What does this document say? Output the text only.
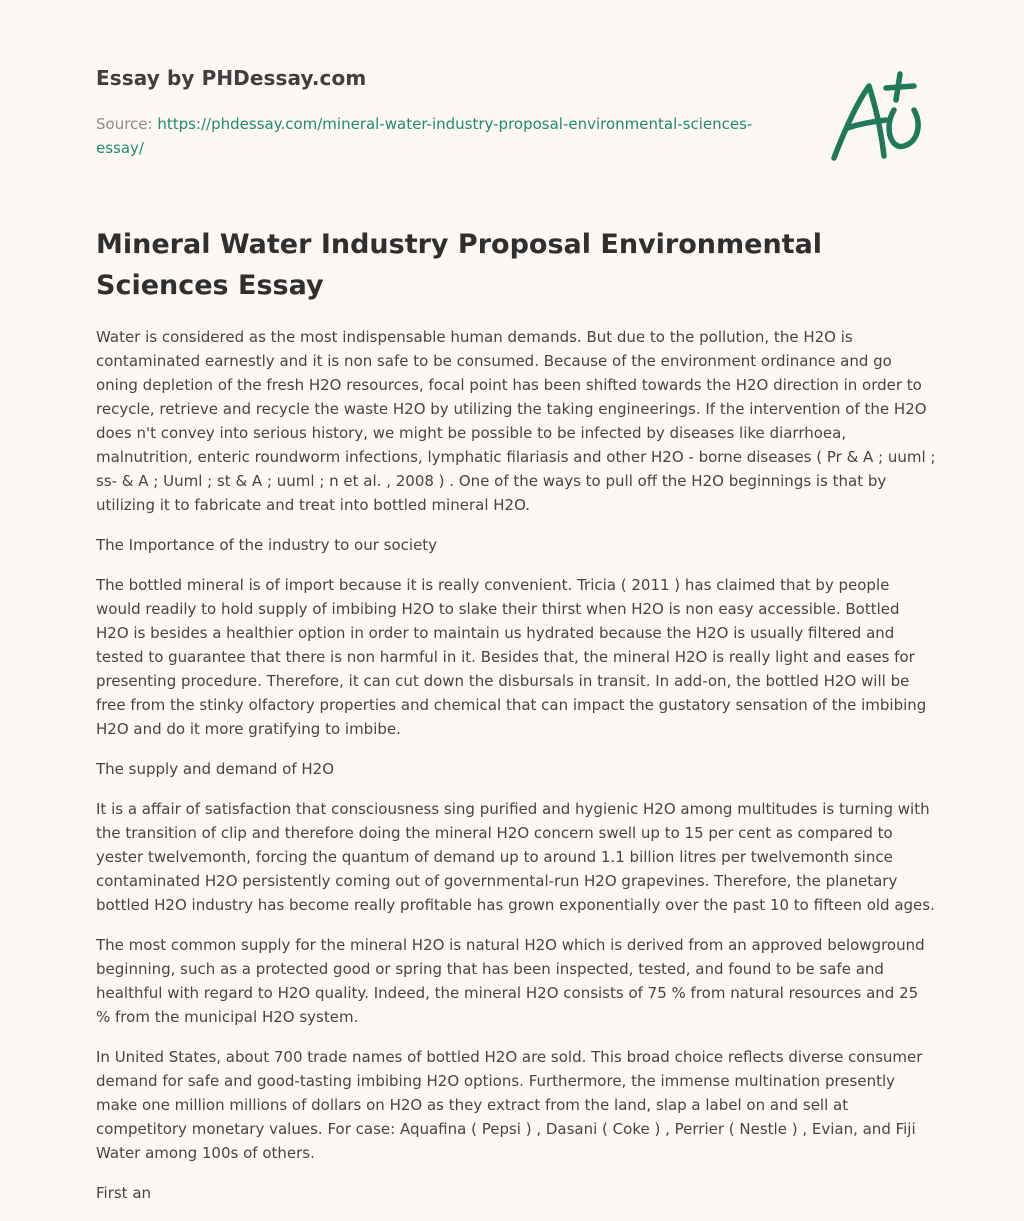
Essay by PHDessay.com
Source: https://phdessay.com/mineral-water-industry-proposal-environmental-sciences-essay/
Mineral Water Industry Proposal Environmental Sciences Essay

Water is considered as the most indispensable human demands. But due to the pollution, the H2O is contaminated earnestly and it is non safe to be consumed. Because of the environment ordinance and go oning depletion of the fresh H2O resources, focal point has been shifted towards the H2O direction in order to recycle, retrieve and recycle the waste H2O by utilizing the taking engineerings. If the intervention of the H2O does n't convey into serious history, we might be possible to be infected by diseases like diarrhoea, malnutrition, enteric roundworm infections, lymphatic filariasis and other H2O - borne diseases ( Pr & A ; uuml ; ss- & A ; Uuml ; st & A ; uuml ; n et al. , 2008 ) . One of the ways to pull off the H2O beginnings is that by utilizing it to fabricate and treat into bottled mineral H2O.

The Importance of the industry to our society

The bottled mineral is of import because it is really convenient. Tricia ( 2011 ) has claimed that by people would readily to hold supply of imbibing H2O to slake their thirst when H2O is non easy accessible. Bottled H2O is besides a healthier option in order to maintain us hydrated because the H2O is usually filtered and tested to guarantee that there is non harmful in it. Besides that, the mineral H2O is really light and eases for presenting procedure. Therefore, it can cut down the disbursals in transit. In add-on, the bottled H2O will be free from the stinky olfactory properties and chemical that can impact the gustatory sensation of the imbibing H2O and do it more gratifying to imbibe.

The supply and demand of H2O

It is a affair of satisfaction that consciousness sing purified and hygienic H2O among multitudes is turning with the transition of clip and therefore doing the mineral H2O concern swell up to 15 per cent as compared to yester twelvemonth, forcing the quantum of demand up to around 1.1 billion litres per twelvemonth since contaminated H2O persistently coming out of governmental-run H2O grapevines. Therefore, the planetary bottled H2O industry has become really profitable has grown exponentially over the past 10 to fifteen old ages.

The most common supply for the mineral H2O is natural H2O which is derived from an approved belowground beginning, such as a protected good or spring that has been inspected, tested, and found to be safe and healthful with regard to H2O quality. Indeed, the mineral H2O consists of 75 % from natural resources and 25 % from the municipal H2O system.

In United States, about 700 trade names of bottled H2O are sold. This broad choice reflects diverse consumer demand for safe and good-tasting imbibing H2O options. Furthermore, the immense multination presently make one million millions of dollars on H2O as they extract from the land, slap a label on and sell at competitory monetary values. For case: Aquafina ( Pepsi ) , Dasani ( Coke ) , Perrier ( Nestle ) , Evian, and Fiji Water among 100s of others.

First an
